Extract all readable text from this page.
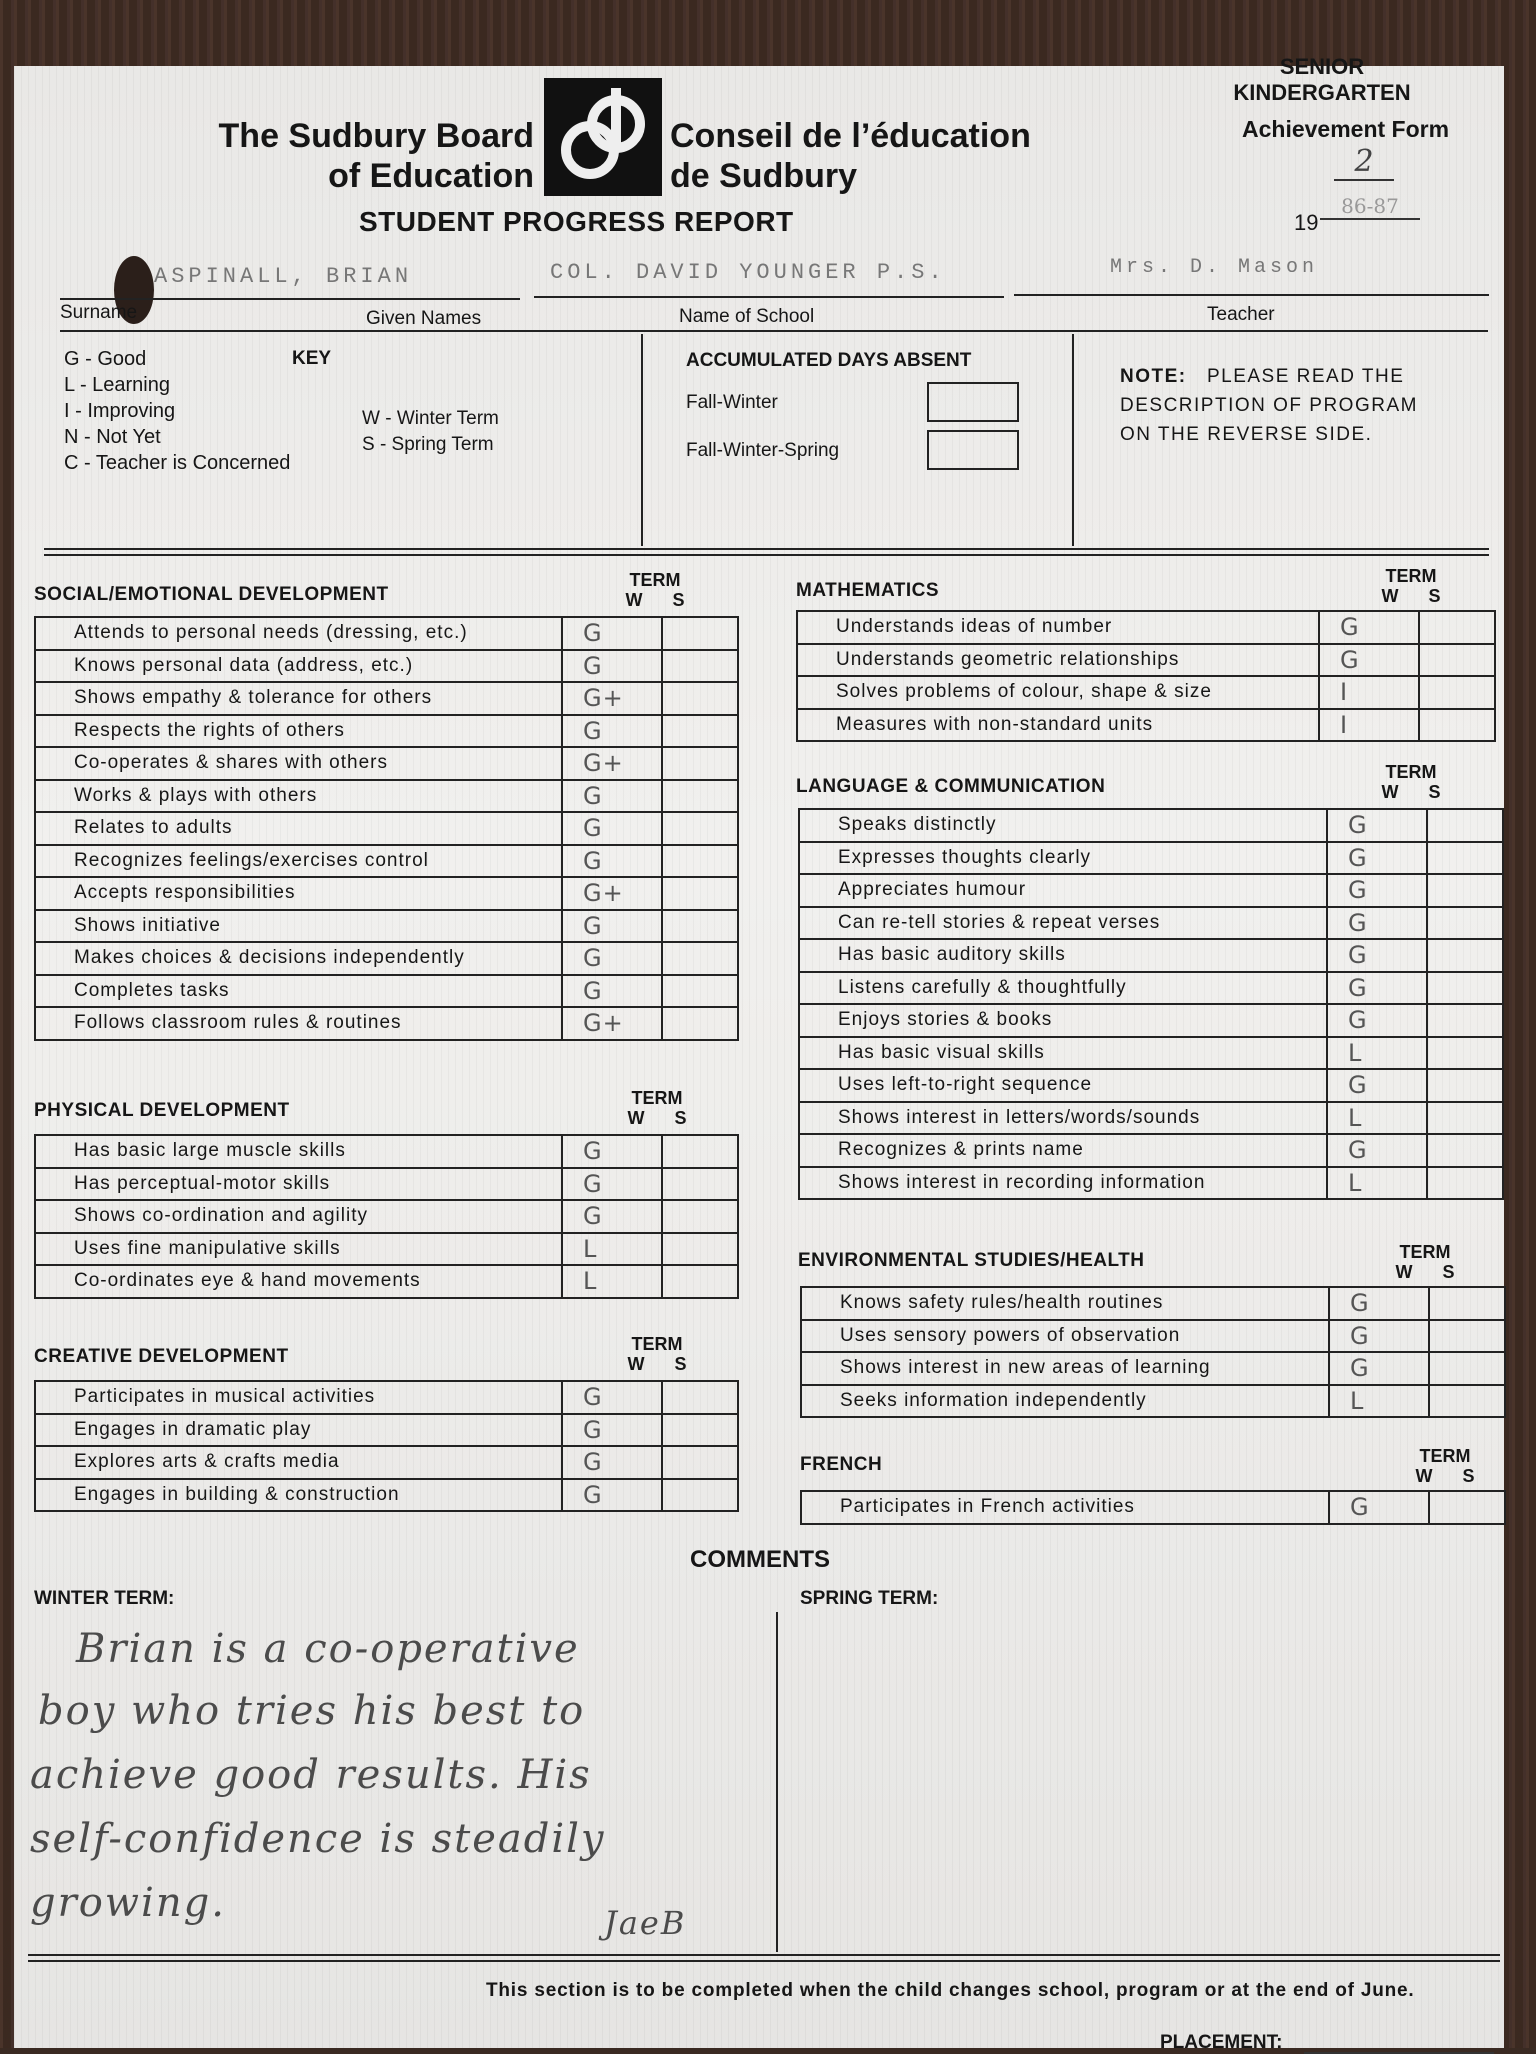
The Sudbury Board
of Education
Conseil de l’éducation
de Sudbury
STUDENT PROGRESS REPORT
SENIOR
KINDERGARTEN
Achievement Form
2
19
86-87
ASPINALL, BRIAN	COL. DAVID YOUNGER P.S.	Mrs. D. Mason
Surname	Given Names	Name of School	Teacher
G - Good
L - Learning
I - Improving
N - Not Yet
C - Teacher is Concerned
KEY
W - Winter Term
S - Spring Term
ACCUMULATED DAYS ABSENT
Fall-Winter
Fall-Winter-Spring
NOTE: PLEASE READ THE
DESCRIPTION OF PROGRAM
ON THE REVERSE SIDE.
SOCIAL/EMOTIONAL DEVELOPMENT
TERM
W S
Attends to personal needs (dressing, etc.)	G	
Knows personal data (address, etc.)	G	
Shows empathy & tolerance for others	G+	
Respects the rights of others	G	
Co-operates & shares with others	G+	
Works & plays with others	G	
Relates to adults	G	
Recognizes feelings/exercises control	G	
Accepts responsibilities	G+	
Shows initiative	G	
Makes choices & decisions independently	G	
Completes tasks	G	
Follows classroom rules & routines	G+	
PHYSICAL DEVELOPMENT
TERM
W S
Has basic large muscle skills	G	
Has perceptual-motor skills	G	
Shows co-ordination and agility	G	
Uses fine manipulative skills	L	
Co-ordinates eye & hand movements	L	
CREATIVE DEVELOPMENT
TERM
W S
Participates in musical activities	G	
Engages in dramatic play	G	
Explores arts & crafts media	G	
Engages in building & construction	G	
MATHEMATICS
TERM
W S
Understands ideas of number	G	
Understands geometric relationships	G	
Solves problems of colour, shape & size	I	
Measures with non-standard units	I	
LANGUAGE & COMMUNICATION
TERM
W S
Speaks distinctly	G	
Expresses thoughts clearly	G	
Appreciates humour	G	
Can re-tell stories & repeat verses	G	
Has basic auditory skills	G	
Listens carefully & thoughtfully	G	
Enjoys stories & books	G	
Has basic visual skills	L	
Uses left-to-right sequence	G	
Shows interest in letters/words/sounds	L	
Recognizes & prints name	G	
Shows interest in recording information	L	
ENVIRONMENTAL STUDIES/HEALTH	TERM
W S
Knows safety rules/health routines	G	
Uses sensory powers of observation	G	
Shows interest in new areas of learning	G	
Seeks information independently	L	
FRENCH	TERM
W S
Participates in French activities	G	
COMMENTS
WINTER TERM:	SPRING TERM:
Brian is a co-operative
boy who tries his best to
achieve good results. His
self-confidence is steadily
growing.	JaeB
This section is to be completed when the child changes school, program or at the end of June.
PLACEMENT:
